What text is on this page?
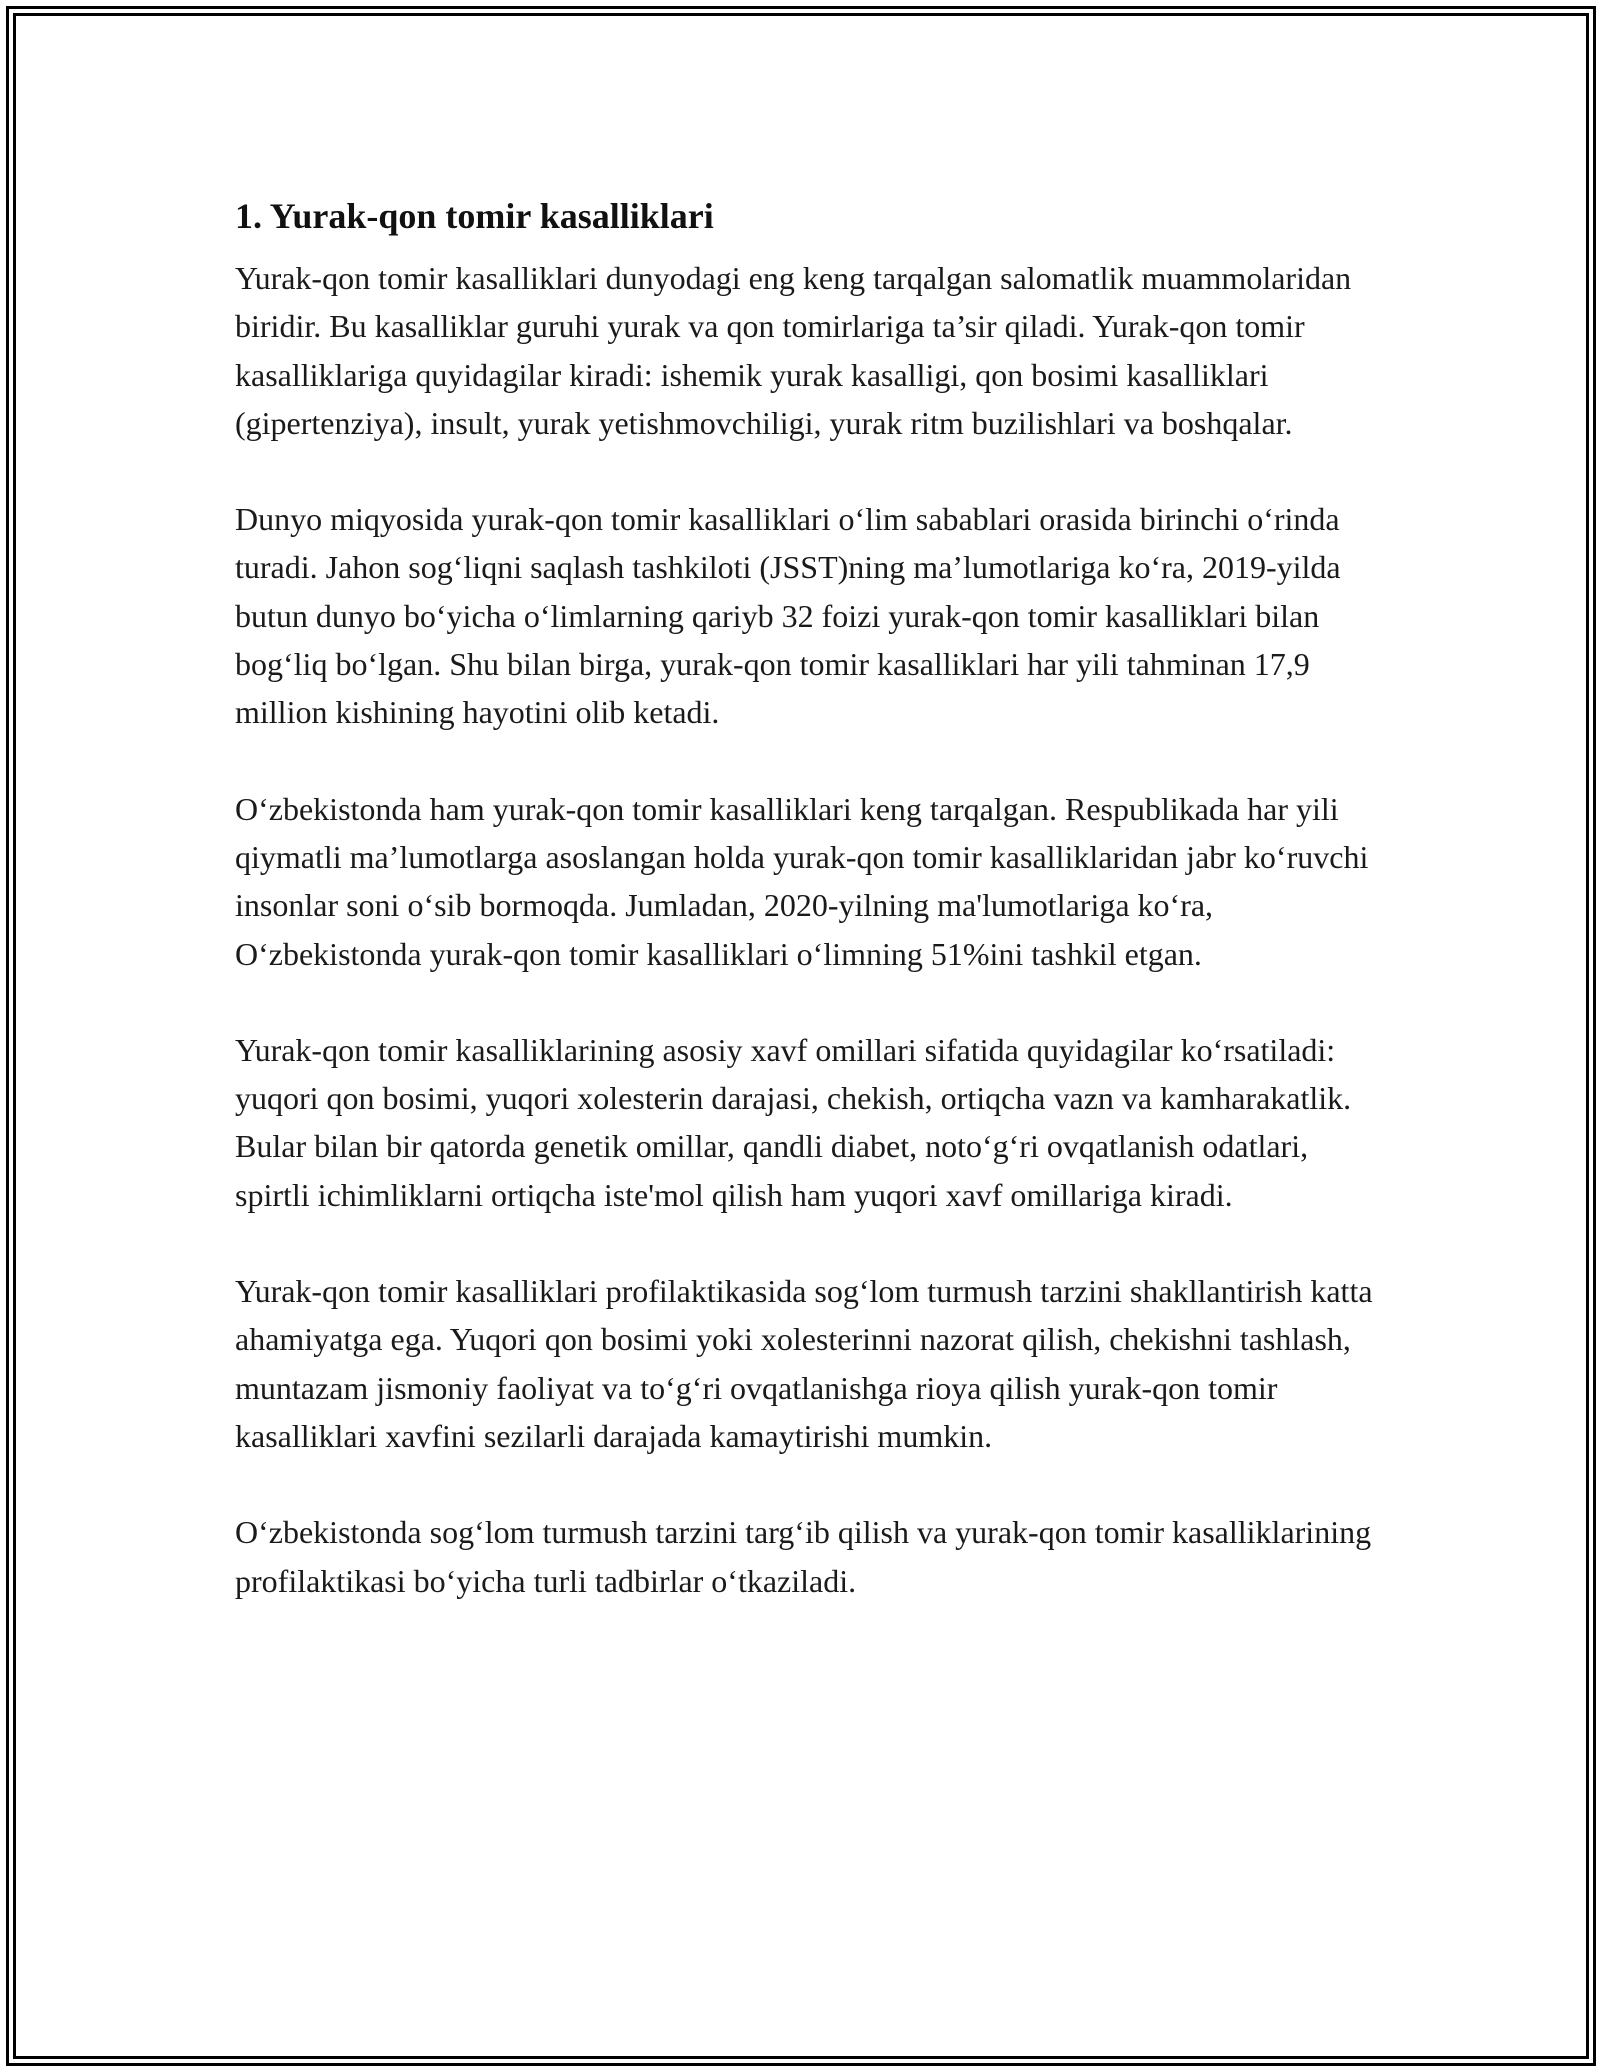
1. Yurak-qon tomir kasalliklari

Yurak-qon tomir kasalliklari dunyodagi eng keng tarqalgan salomatlik muammolaridan biridir. Bu kasalliklar guruhi yurak va qon tomirlariga ta’sir qiladi. Yurak-qon tomir kasalliklariga quyidagilar kiradi: ishemik yurak kasalligi, qon bosimi kasalliklari (gipertenziya), insult, yurak yetishmovchiligi, yurak ritm buzilishlari va boshqalar.

Dunyo miqyosida yurak-qon tomir kasalliklari o‘lim sabablari orasida birinchi o‘rinda turadi. Jahon sog‘liqni saqlash tashkiloti (JSST)ning ma’lumotlariga ko‘ra, 2019-yilda butun dunyo bo‘yicha o‘limlarning qariyb 32 foizi yurak-qon tomir kasalliklari bilan bog‘liq bo‘lgan. Shu bilan birga, yurak-qon tomir kasalliklari har yili tahminan 17,9 million kishining hayotini olib ketadi.

O‘zbekistonda ham yurak-qon tomir kasalliklari keng tarqalgan. Respublikada har yili qiymatli ma’lumotlarga asoslangan holda yurak-qon tomir kasalliklaridan jabr ko‘ruvchi insonlar soni o‘sib bormoqda. Jumladan, 2020-yilning ma'lumotlariga ko‘ra, O‘zbekistonda yurak-qon tomir kasalliklari o‘limning 51%ini tashkil etgan.

Yurak-qon tomir kasalliklarining asosiy xavf omillari sifatida quyidagilar ko‘rsatiladi: yuqori qon bosimi, yuqori xolesterin darajasi, chekish, ortiqcha vazn va kamharakatlik. Bular bilan bir qatorda genetik omillar, qandli diabet, noto‘g‘ri ovqatlanish odatlari, spirtli ichimliklarni ortiqcha iste'mol qilish ham yuqori xavf omillariga kiradi.

Yurak-qon tomir kasalliklari profilaktikasida sog‘lom turmush tarzini shakllantirish katta ahamiyatga ega. Yuqori qon bosimi yoki xolesterinni nazorat qilish, chekishni tashlash, muntazam jismoniy faoliyat va to‘g‘ri ovqatlanishga rioya qilish yurak-qon tomir kasalliklari xavfini sezilarli darajada kamaytirishi mumkin.

O‘zbekistonda sog‘lom turmush tarzini targ‘ib qilish va yurak-qon tomir kasalliklarining profilaktikasi bo‘yicha turli tadbirlar o‘tkaziladi.
